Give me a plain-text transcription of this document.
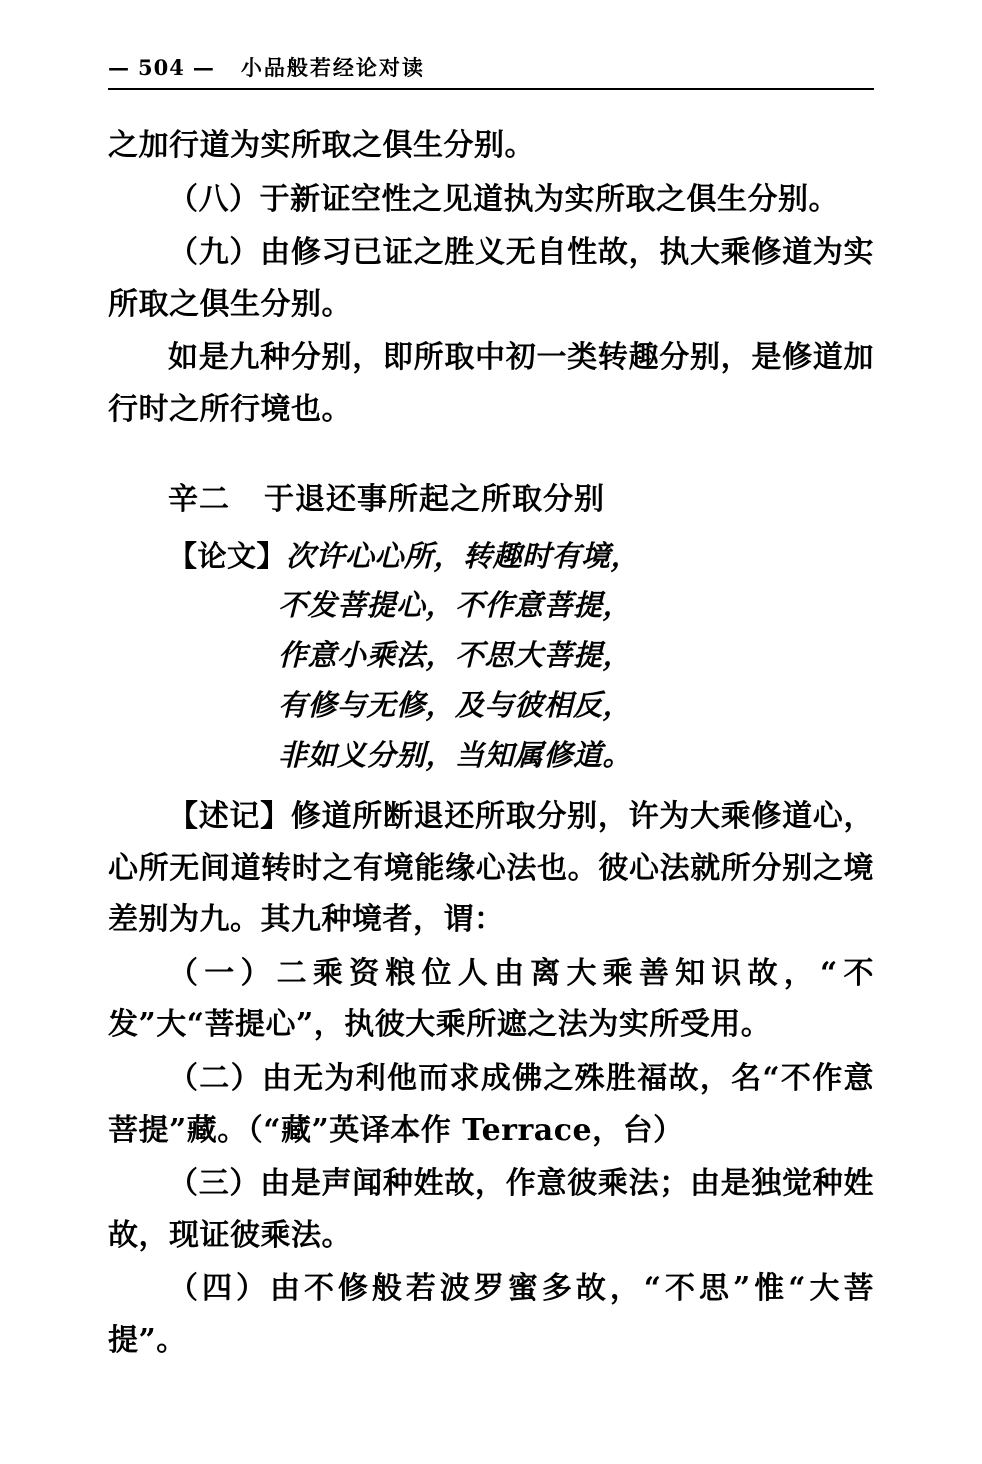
— 504 — 小品般若经论对读

之加行道为实所取之俱生分别。

（八）于新证空性之见道执为实所取之俱生分别。

（九）由修习已证之胜义无自性故，执大乘修道为实所取之俱生分别。

如是九种分别，即所取中初一类转趣分别，是修道加行时之所行境也。

辛二 于退还事所起之所取分别

【论文】次许心心所，转趣时有境，

不发菩提心，不作意菩提，

作意小乘法，不思大菩提，

有修与无修，及与彼相反，

非如义分别，当知属修道。

【述记】修道所断退还所取分别，许为大乘修道心，心所无间道转时之有境能缘心法也。彼心法就所分别之境差别为九。其九种境者，谓：

（一）二乘资粮位人由离大乘善知识故，“不发”大“菩提心”，执彼大乘所遮之法为实所受用。

（二）由无为利他而求成佛之殊胜福故，名“不作意菩提”藏。（“藏”英译本作 Terrace，台）

（三）由是声闻种姓故，作意彼乘法；由是独觉种姓故，现证彼乘法。

（四）由不修般若波罗蜜多故，“不思”惟“大菩提”。
